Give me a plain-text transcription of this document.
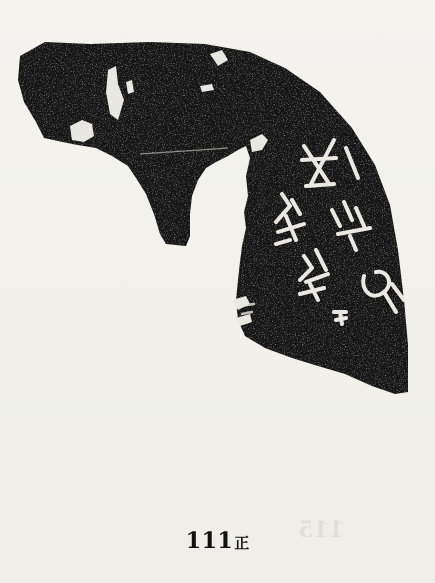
115
111正
